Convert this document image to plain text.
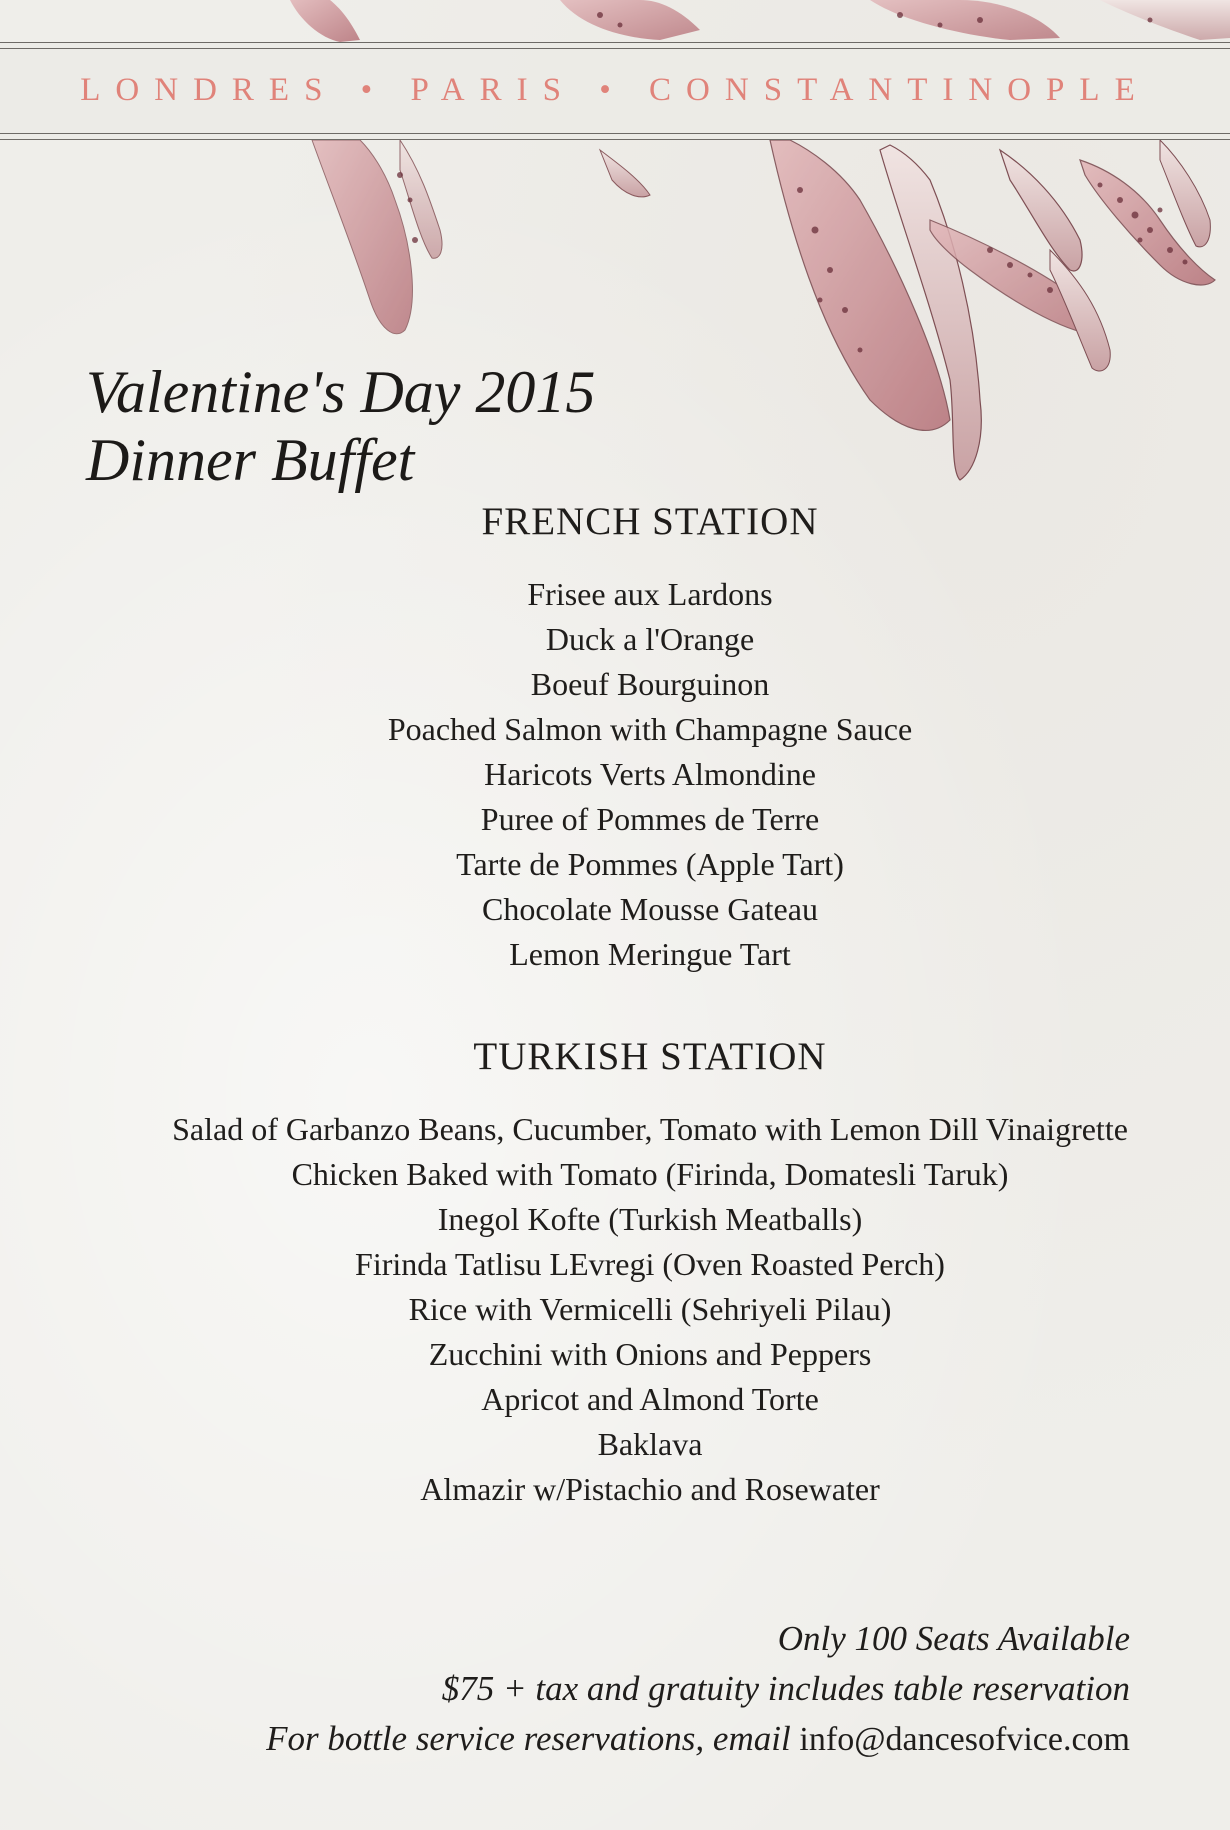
LONDRES • PARIS • CONSTANTINOPLE
Valentine's Day 2015
Dinner Buffet
FRENCH STATION
Frisee aux Lardons
Duck a l'Orange
Boeuf Bourguinon
Poached Salmon with Champagne Sauce
Haricots Verts Almondine
Puree of Pommes de Terre
Tarte de Pommes (Apple Tart)
Chocolate Mousse Gateau
Lemon Meringue Tart
TURKISH STATION
Salad of Garbanzo Beans, Cucumber, Tomato with Lemon Dill Vinaigrette
Chicken Baked with Tomato (Firinda, Domatesli Taruk)
Inegol Kofte (Turkish Meatballs)
Firinda Tatlisu LEvregi (Oven Roasted Perch)
Rice with Vermicelli (Sehriyeli Pilau)
Zucchini with Onions and Peppers
Apricot and Almond Torte
Baklava
Almazir w/Pistachio and Rosewater
Only 100 Seats Available
$75 + tax and gratuity includes table reservation
For bottle service reservations, email info@dancesofvice.com
